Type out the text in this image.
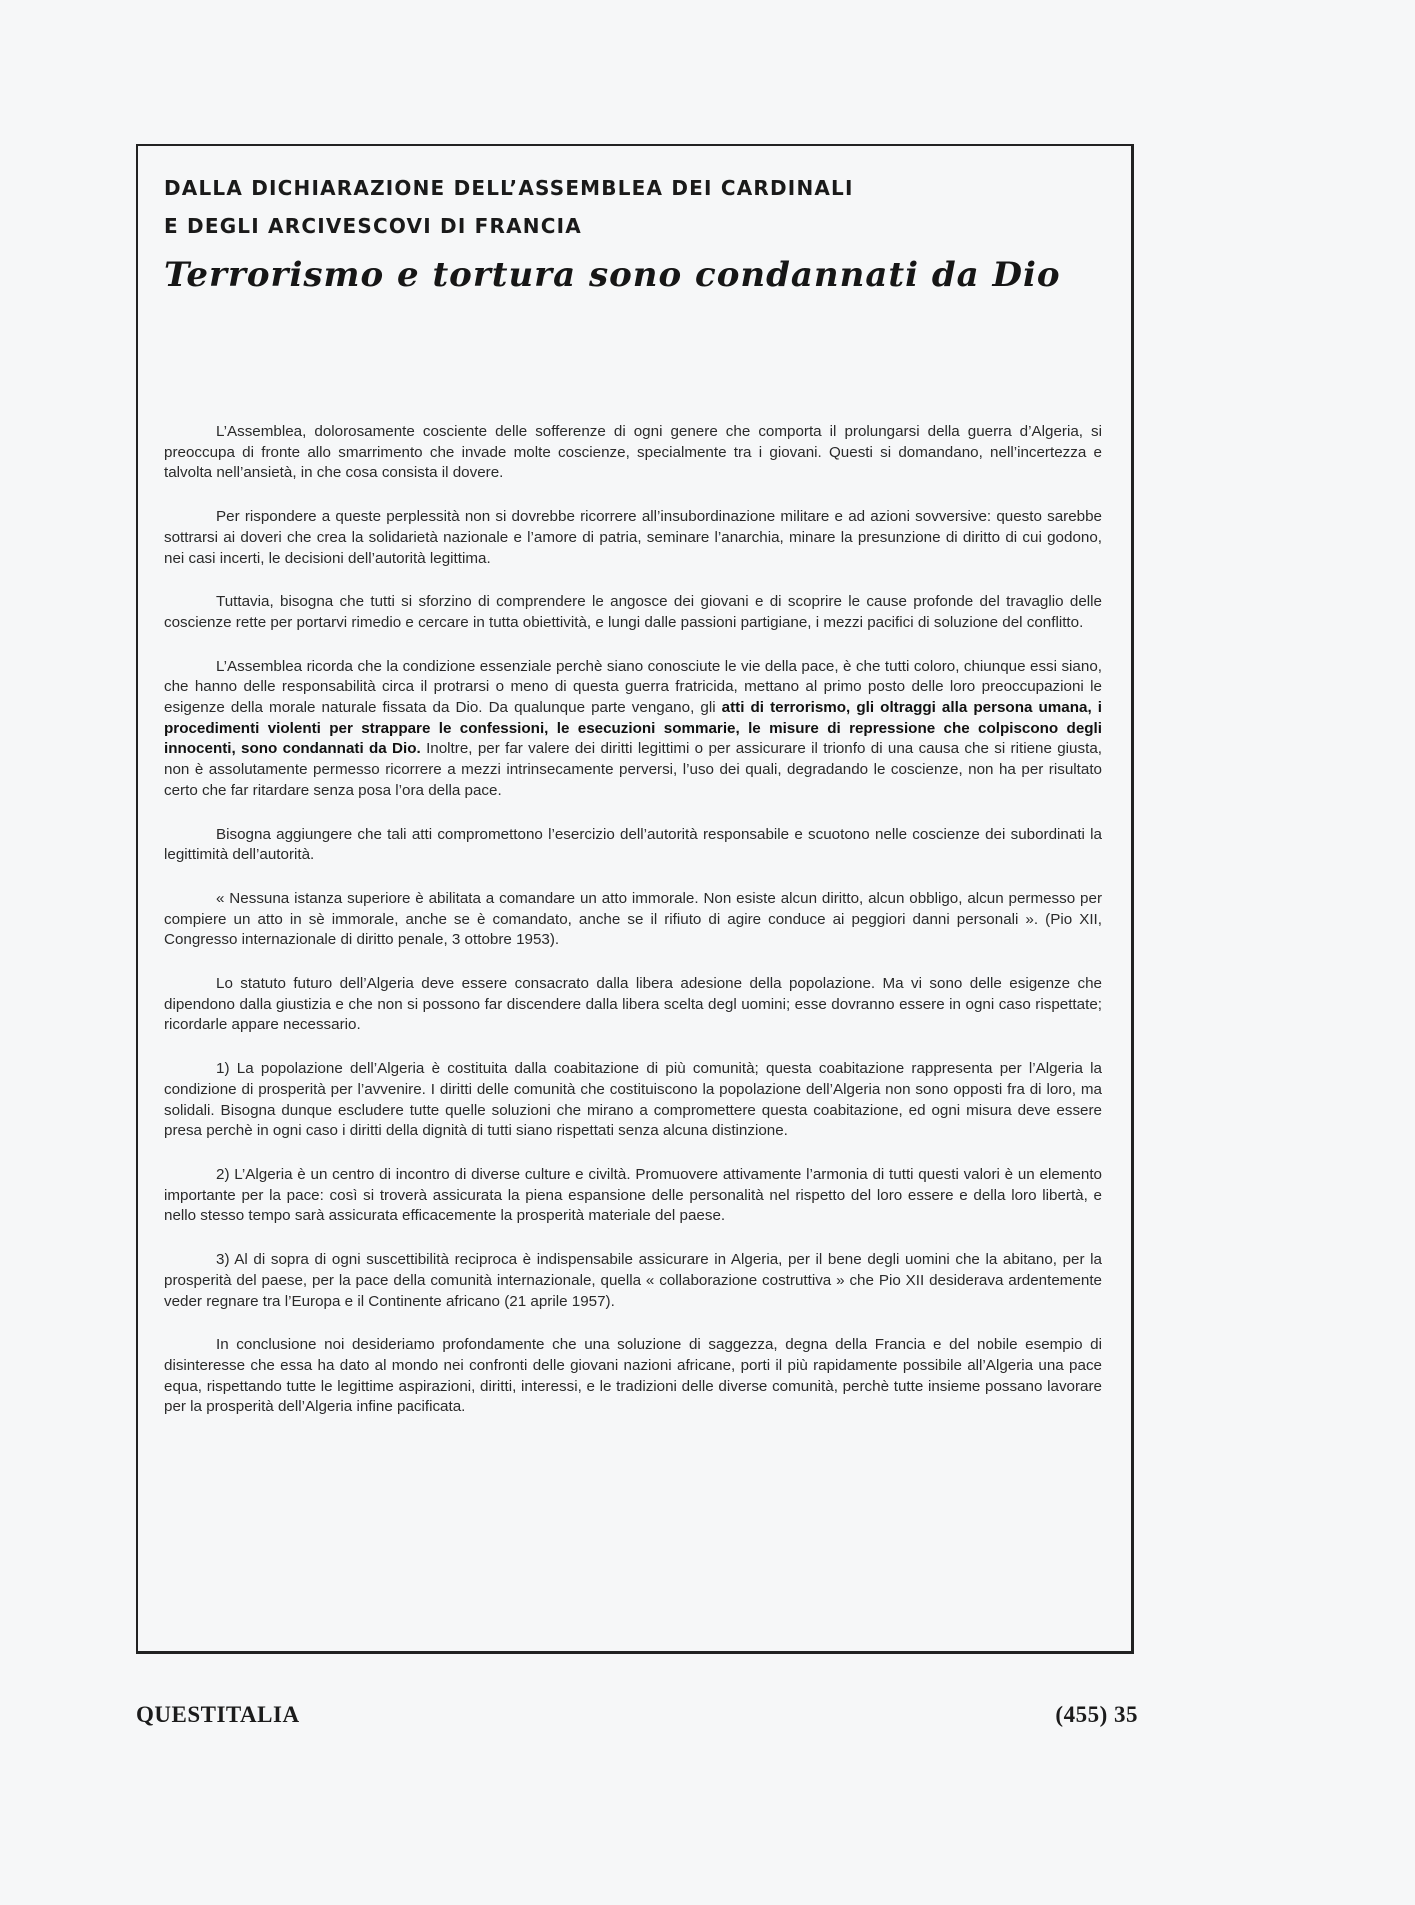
DALLA DICHIARAZIONE DELL’ASSEMBLEA DEI CARDINALI

E DEGLI ARCIVESCOVI DI FRANCIA

Terrorismo e tortura sono condannati da Dio

L’Assemblea, dolorosamente cosciente delle sofferenze di ogni genere che comporta il prolungarsi della guerra d’Algeria, si preoccupa di fronte allo smarrimento che invade molte coscienze, specialmente tra i giovani. Questi si domandano, nell’incertezza e talvolta nell’ansietà, in che cosa consista il dovere.

Per rispondere a queste perplessità non si dovrebbe ricorrere all’insubordinazione militare e ad azioni sovversive: questo sarebbe sottrarsi ai doveri che crea la solidarietà nazionale e l’amore di patria, seminare l’anarchia, minare la presunzione di diritto di cui godono, nei casi incerti, le decisioni dell’autorità legittima.

Tuttavia, bisogna che tutti si sforzino di comprendere le angosce dei giovani e di scoprire le cause profonde del travaglio delle coscienze rette per portarvi rimedio e cercare in tutta obiettività, e lungi dalle passioni partigiane, i mezzi pacifici di soluzione del conflitto.

L’Assemblea ricorda che la condizione essenziale perchè siano conosciute le vie della pace, è che tutti coloro, chiunque essi siano, che hanno delle responsabilità circa il protrarsi o meno di questa guerra fratricida, mettano al primo posto delle loro preoccupazioni le esigenze della morale naturale fissata da Dio. Da qualunque parte vengano, gli atti di terrorismo, gli oltraggi alla persona umana, i procedimenti violenti per strappare le confessioni, le esecuzioni sommarie, le misure di repressione che colpiscono degli innocenti, sono condannati da Dio. Inoltre, per far valere dei diritti legittimi o per assicurare il trionfo di una causa che si ritiene giusta, non è assolutamente permesso ricorrere a mezzi intrinsecamente perversi, l’uso dei quali, degradando le coscienze, non ha per risultato certo che far ritardare senza posa l’ora della pace.

Bisogna aggiungere che tali atti compromettono l’esercizio dell’autorità responsabile e scuotono nelle coscienze dei subordinati la legittimità dell’autorità.

« Nessuna istanza superiore è abilitata a comandare un atto immorale. Non esiste alcun diritto, alcun obbligo, alcun permesso per compiere un atto in sè immorale, anche se è comandato, anche se il rifiuto di agire conduce ai peggiori danni personali ». (Pio XII, Congresso internazionale di diritto penale, 3 ottobre 1953).

Lo statuto futuro dell’Algeria deve essere consacrato dalla libera adesione della popolazione. Ma vi sono delle esigenze che dipendono dalla giustizia e che non si possono far discendere dalla libera scelta degl uomini; esse dovranno essere in ogni caso rispettate; ricordarle appare necessario.

1) La popolazione dell’Algeria è costituita dalla coabitazione di più comunità; questa coabitazione rappresenta per l’Algeria la condizione di prosperità per l’avvenire. I diritti delle comunità che costituiscono la popolazione dell’Algeria non sono opposti fra di loro, ma solidali. Bisogna dunque escludere tutte quelle soluzioni che mirano a compromettere questa coabitazione, ed ogni misura deve essere presa perchè in ogni caso i diritti della dignità di tutti siano rispettati senza alcuna distinzione.

2) L’Algeria è un centro di incontro di diverse culture e civiltà. Promuovere attivamente l’armonia di tutti questi valori è un elemento importante per la pace: così si troverà assicurata la piena espansione delle personalità nel rispetto del loro essere e della loro libertà, e nello stesso tempo sarà assicurata efficacemente la prosperità materiale del paese.

3) Al di sopra di ogni suscettibilità reciproca è indispensabile assicurare in Algeria, per il bene degli uomini che la abitano, per la prosperità del paese, per la pace della comunità internazionale, quella « collaborazione costruttiva » che Pio XII desiderava ardentemente veder regnare tra l’Europa e il Continente africano (21 aprile 1957).

In conclusione noi desideriamo profondamente che una soluzione di saggezza, degna della Francia e del nobile esempio di disinteresse che essa ha dato al mondo nei confronti delle giovani nazioni africane, porti il più rapidamente possibile all’Algeria una pace equa, rispettando tutte le legittime aspirazioni, diritti, interessi, e le tradizioni delle diverse comunità, perchè tutte insieme possano lavorare per la prosperità dell’Algeria infine pacificata.

QUESTITALIA	(455) 35
